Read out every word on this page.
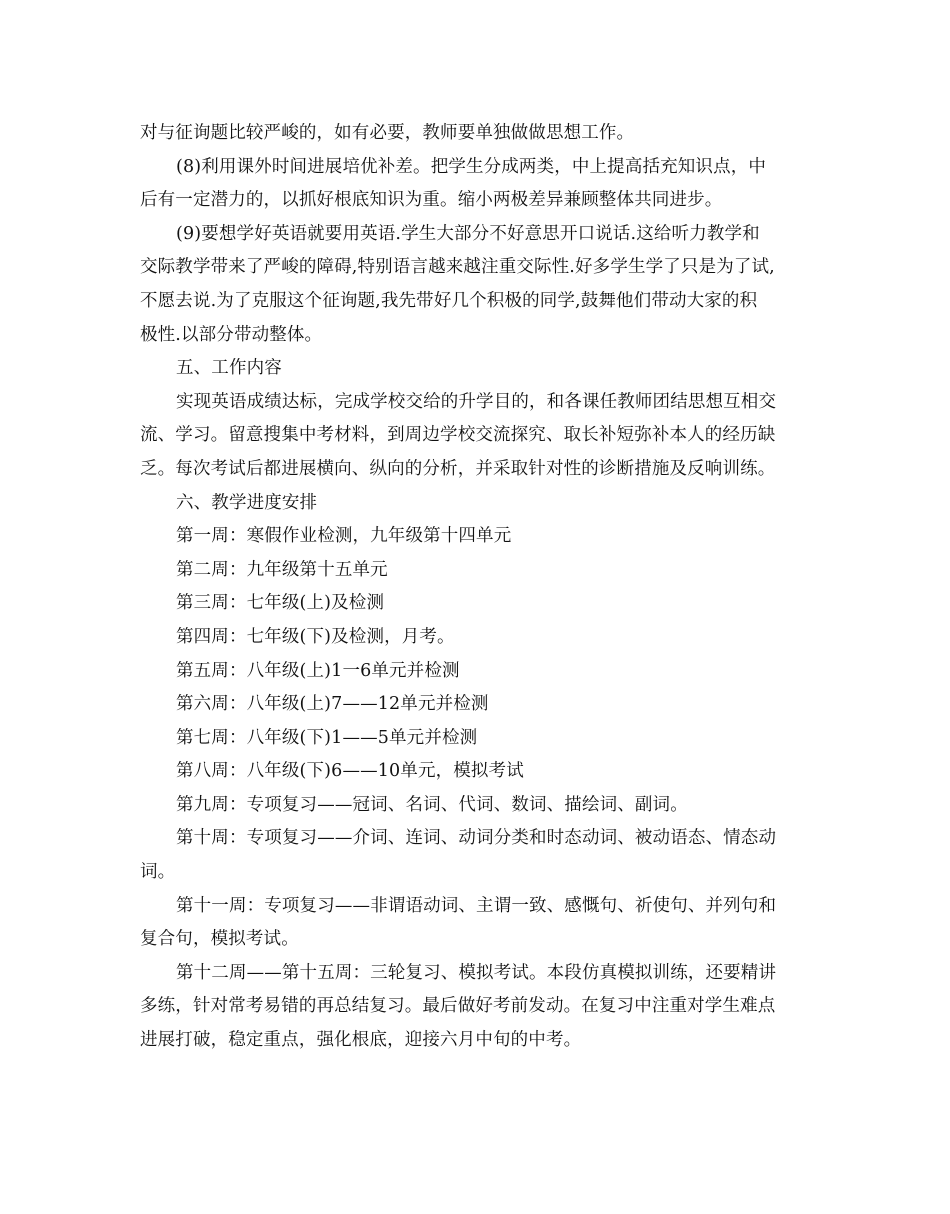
对与征询题比较严峻的，如有必要，教师要单独做做思想工作。
(8)利用课外时间进展培优补差。把学生分成两类，中上提高括充知识点，中
后有一定潜力的，以抓好根底知识为重。缩小两极差异兼顾整体共同进步。
(9)要想学好英语就要用英语.学生大部分不好意思开口说话.这给听力教学和
交际教学带来了严峻的障碍,特别语言越来越注重交际性.好多学生学了只是为了试,
不愿去说.为了克服这个征询题,我先带好几个积极的同学,鼓舞他们带动大家的积
极性.以部分带动整体。
五、工作内容
实现英语成绩达标，完成学校交给的升学目的，和各课任教师团结思想互相交
流、学习。留意搜集中考材料，到周边学校交流探究、取长补短弥补本人的经历缺
乏。每次考试后都进展横向、纵向的分析，并采取针对性的诊断措施及反响训练。
六、教学进度安排
第一周：寒假作业检测，九年级第十四单元
第二周：九年级第十五单元
第三周：七年级(上)及检测
第四周：七年级(下)及检测，月考。
第五周：八年级(上)1一6单元并检测
第六周：八年级(上)7——12单元并检测
第七周：八年级(下)1——5单元并检测
第八周：八年级(下)6——10单元，模拟考试
第九周：专项复习——冠词、名词、代词、数词、描绘词、副词。
第十周：专项复习——介词、连词、动词分类和时态动词、被动语态、情态动
词。
第十一周：专项复习——非谓语动词、主谓一致、感慨句、祈使句、并列句和
复合句，模拟考试。
第十二周——第十五周：三轮复习、模拟考试。本段仿真模拟训练，还要精讲
多练，针对常考易错的再总结复习。最后做好考前发动。在复习中注重对学生难点
进展打破，稳定重点，强化根底，迎接六月中旬的中考。
